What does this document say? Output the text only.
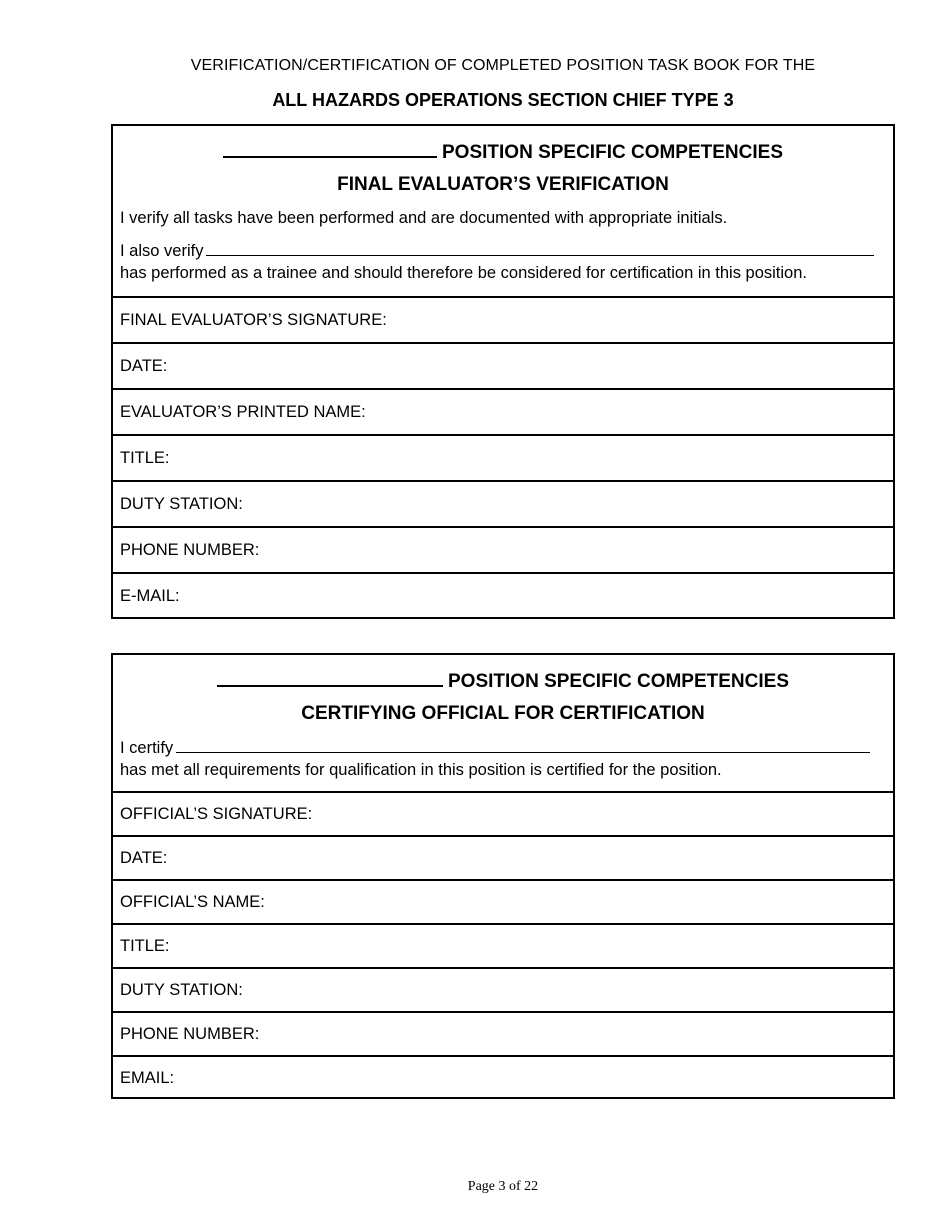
VERIFICATION/CERTIFICATION OF COMPLETED POSITION TASK BOOK FOR THE
ALL HAZARDS OPERATIONS SECTION CHIEF TYPE 3
POSITION SPECIFIC COMPETENCIES
FINAL EVALUATOR’S VERIFICATION
I verify all tasks have been performed and are documented with appropriate initials.
I also verify
has performed as a trainee and should therefore be considered for certification in this position.
FINAL EVALUATOR’S SIGNATURE:
DATE:
EVALUATOR’S PRINTED NAME:
TITLE:
DUTY STATION:
PHONE NUMBER:
E-MAIL:
POSITION SPECIFIC COMPETENCIES
CERTIFYING OFFICIAL FOR CERTIFICATION
I certify
has met all requirements for qualification in this position is certified for the position.
OFFICIAL’S SIGNATURE:
DATE:
OFFICIAL’S NAME:
TITLE:
DUTY STATION:
PHONE NUMBER:
EMAIL:
Page 3 of 22
